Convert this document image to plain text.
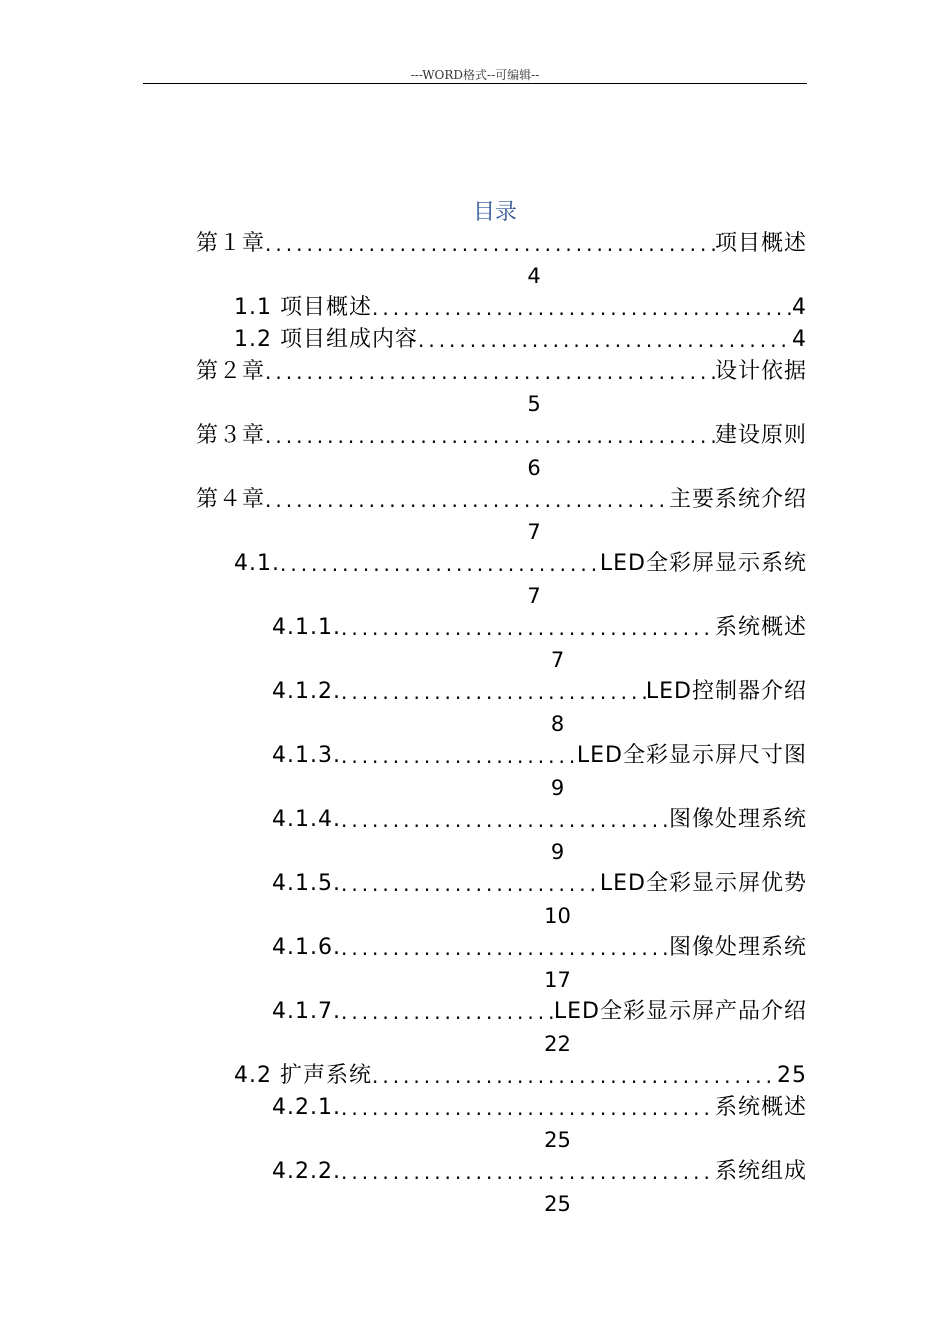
---WORD格式--可编辑--
目录
第１章 .....	项目概述
4
1.1 项目概述 .....	4
1.2 项目组成内容 .....	4
第２章 .....	设计依据
5
第３章 .....	建设原则
6
第４章 .....	主要系统介绍
7
4.1. .....	LED全彩屏显示系统
7
4.1.1. .....	系统概述
7
4.1.2. .....	LED控制器介绍
8
4.1.3. .....	LED全彩显示屏尺寸图
9
4.1.4. .....	图像处理系统
9
4.1.5. .....	LED全彩显示屏优势
10
4.1.6. .....	图像处理系统
17
4.1.7. .....	LED全彩显示屏产品介绍
22
4.2 扩声系统 .....	25
4.2.1. .....	系统概述
25
4.2.2. .....	系统组成
25
